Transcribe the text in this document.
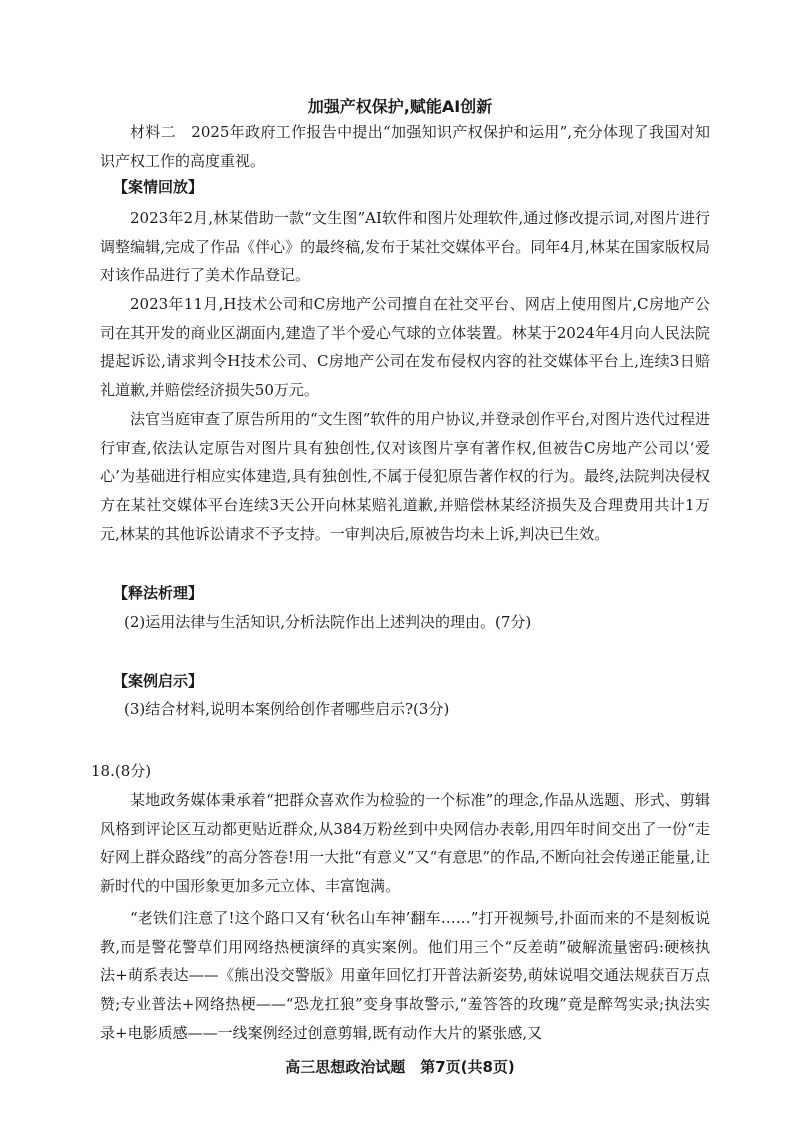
加强产权保护,赋能AI创新
材料二　2025年政府工作报告中提出“加强知识产权保护和运用”,充分体现了我国对知识产权工作的高度重视。
【案情回放】
2023年2月,林某借助一款“文生图”AI软件和图片处理软件,通过修改提示词,对图片进行调整编辑,完成了作品《伴心》的最终稿,发布于某社交媒体平台。同年4月,林某在国家版权局对该作品进行了美术作品登记。
2023年11月,H技术公司和C房地产公司擅自在社交平台、网店上使用图片,C房地产公司在其开发的商业区湖面内,建造了半个爱心气球的立体装置。林某于2024年4月向人民法院提起诉讼,请求判令H技术公司、C房地产公司在发布侵权内容的社交媒体平台上,连续3日赔礼道歉,并赔偿经济损失50万元。
法官当庭审查了原告所用的“文生图”软件的用户协议,并登录创作平台,对图片迭代过程进行审查,依法认定原告对图片具有独创性,仅对该图片享有著作权,但被告C房地产公司以‘爱心’为基础进行相应实体建造,具有独创性,不属于侵犯原告著作权的行为。最终,法院判决侵权方在某社交媒体平台连续3天公开向林某赔礼道歉,并赔偿林某经济损失及合理费用共计1万元,林某的其他诉讼请求不予支持。一审判决后,原被告均未上诉,判决已生效。
【释法析理】
(2)运用法律与生活知识,分析法院作出上述判决的理由。(7分)
【案例启示】
(3)结合材料,说明本案例给创作者哪些启示?(3分)
18.(8分)
某地政务媒体秉承着“把群众喜欢作为检验的一个标准”的理念,作品从选题、形式、剪辑风格到评论区互动都更贴近群众,从384万粉丝到中央网信办表彰,用四年时间交出了一份“走好网上群众路线”的高分答卷!用一大批“有意义”又“有意思”的作品,不断向社会传递正能量,让新时代的中国形象更加多元立体、丰富饱满。
“老铁们注意了!这个路口又有‘秋名山车神’翻车……”打开视频号,扑面而来的不是刻板说教,而是警花警草们用网络热梗演绎的真实案例。他们用三个“反差萌”破解流量密码:硬核执法+萌系表达——《熊出没交警版》用童年回忆打开普法新姿势,萌妹说唱交通法规获百万点赞;专业普法+网络热梗——“恐龙扛狼”变身事故警示,“羞答答的玫瑰”竟是醉驾实录;执法实录+电影质感——一线案例经过创意剪辑,既有动作大片的紧张感,又
高三思想政治试题　第7页(共8页)
